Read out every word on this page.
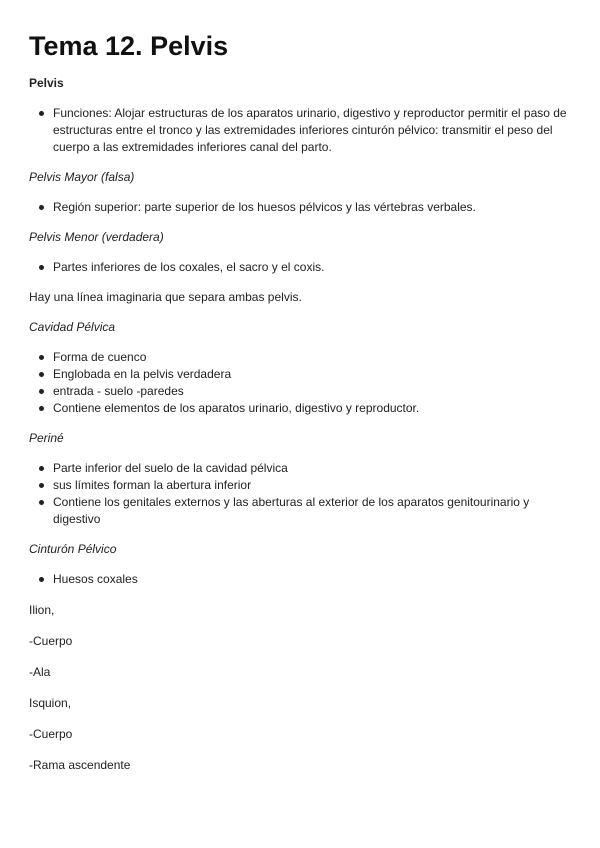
Tema 12. Pelvis
Pelvis
Funciones: Alojar estructuras de los aparatos urinario, digestivo y reproductor permitir el paso de estructuras entre el tronco y las extremidades inferiores cinturón pélvico: transmitir el peso del cuerpo a las extremidades inferiores canal del parto.
Pelvis Mayor (falsa)
Región superior: parte superior de los huesos pélvicos y las vértebras verbales.
Pelvis Menor (verdadera)
Partes inferiores de los coxales, el sacro y el coxis.

Hay una línea imaginaria que separa ambas pelvis.

Cavidad Pélvica
Forma de cuenco
Englobada en la pelvis verdadera
entrada - suelo -paredes
Contiene elementos de los aparatos urinario, digestivo y reproductor.
Periné
Parte inferior del suelo de la cavidad pélvica
sus límites forman la abertura inferior
Contiene los genitales externos y las aberturas al exterior de los aparatos genitourinario y digestivo
Cinturón Pélvico
Huesos coxales

Ilion,

-Cuerpo

-Ala

Isquion,

-Cuerpo

-Rama ascendente
